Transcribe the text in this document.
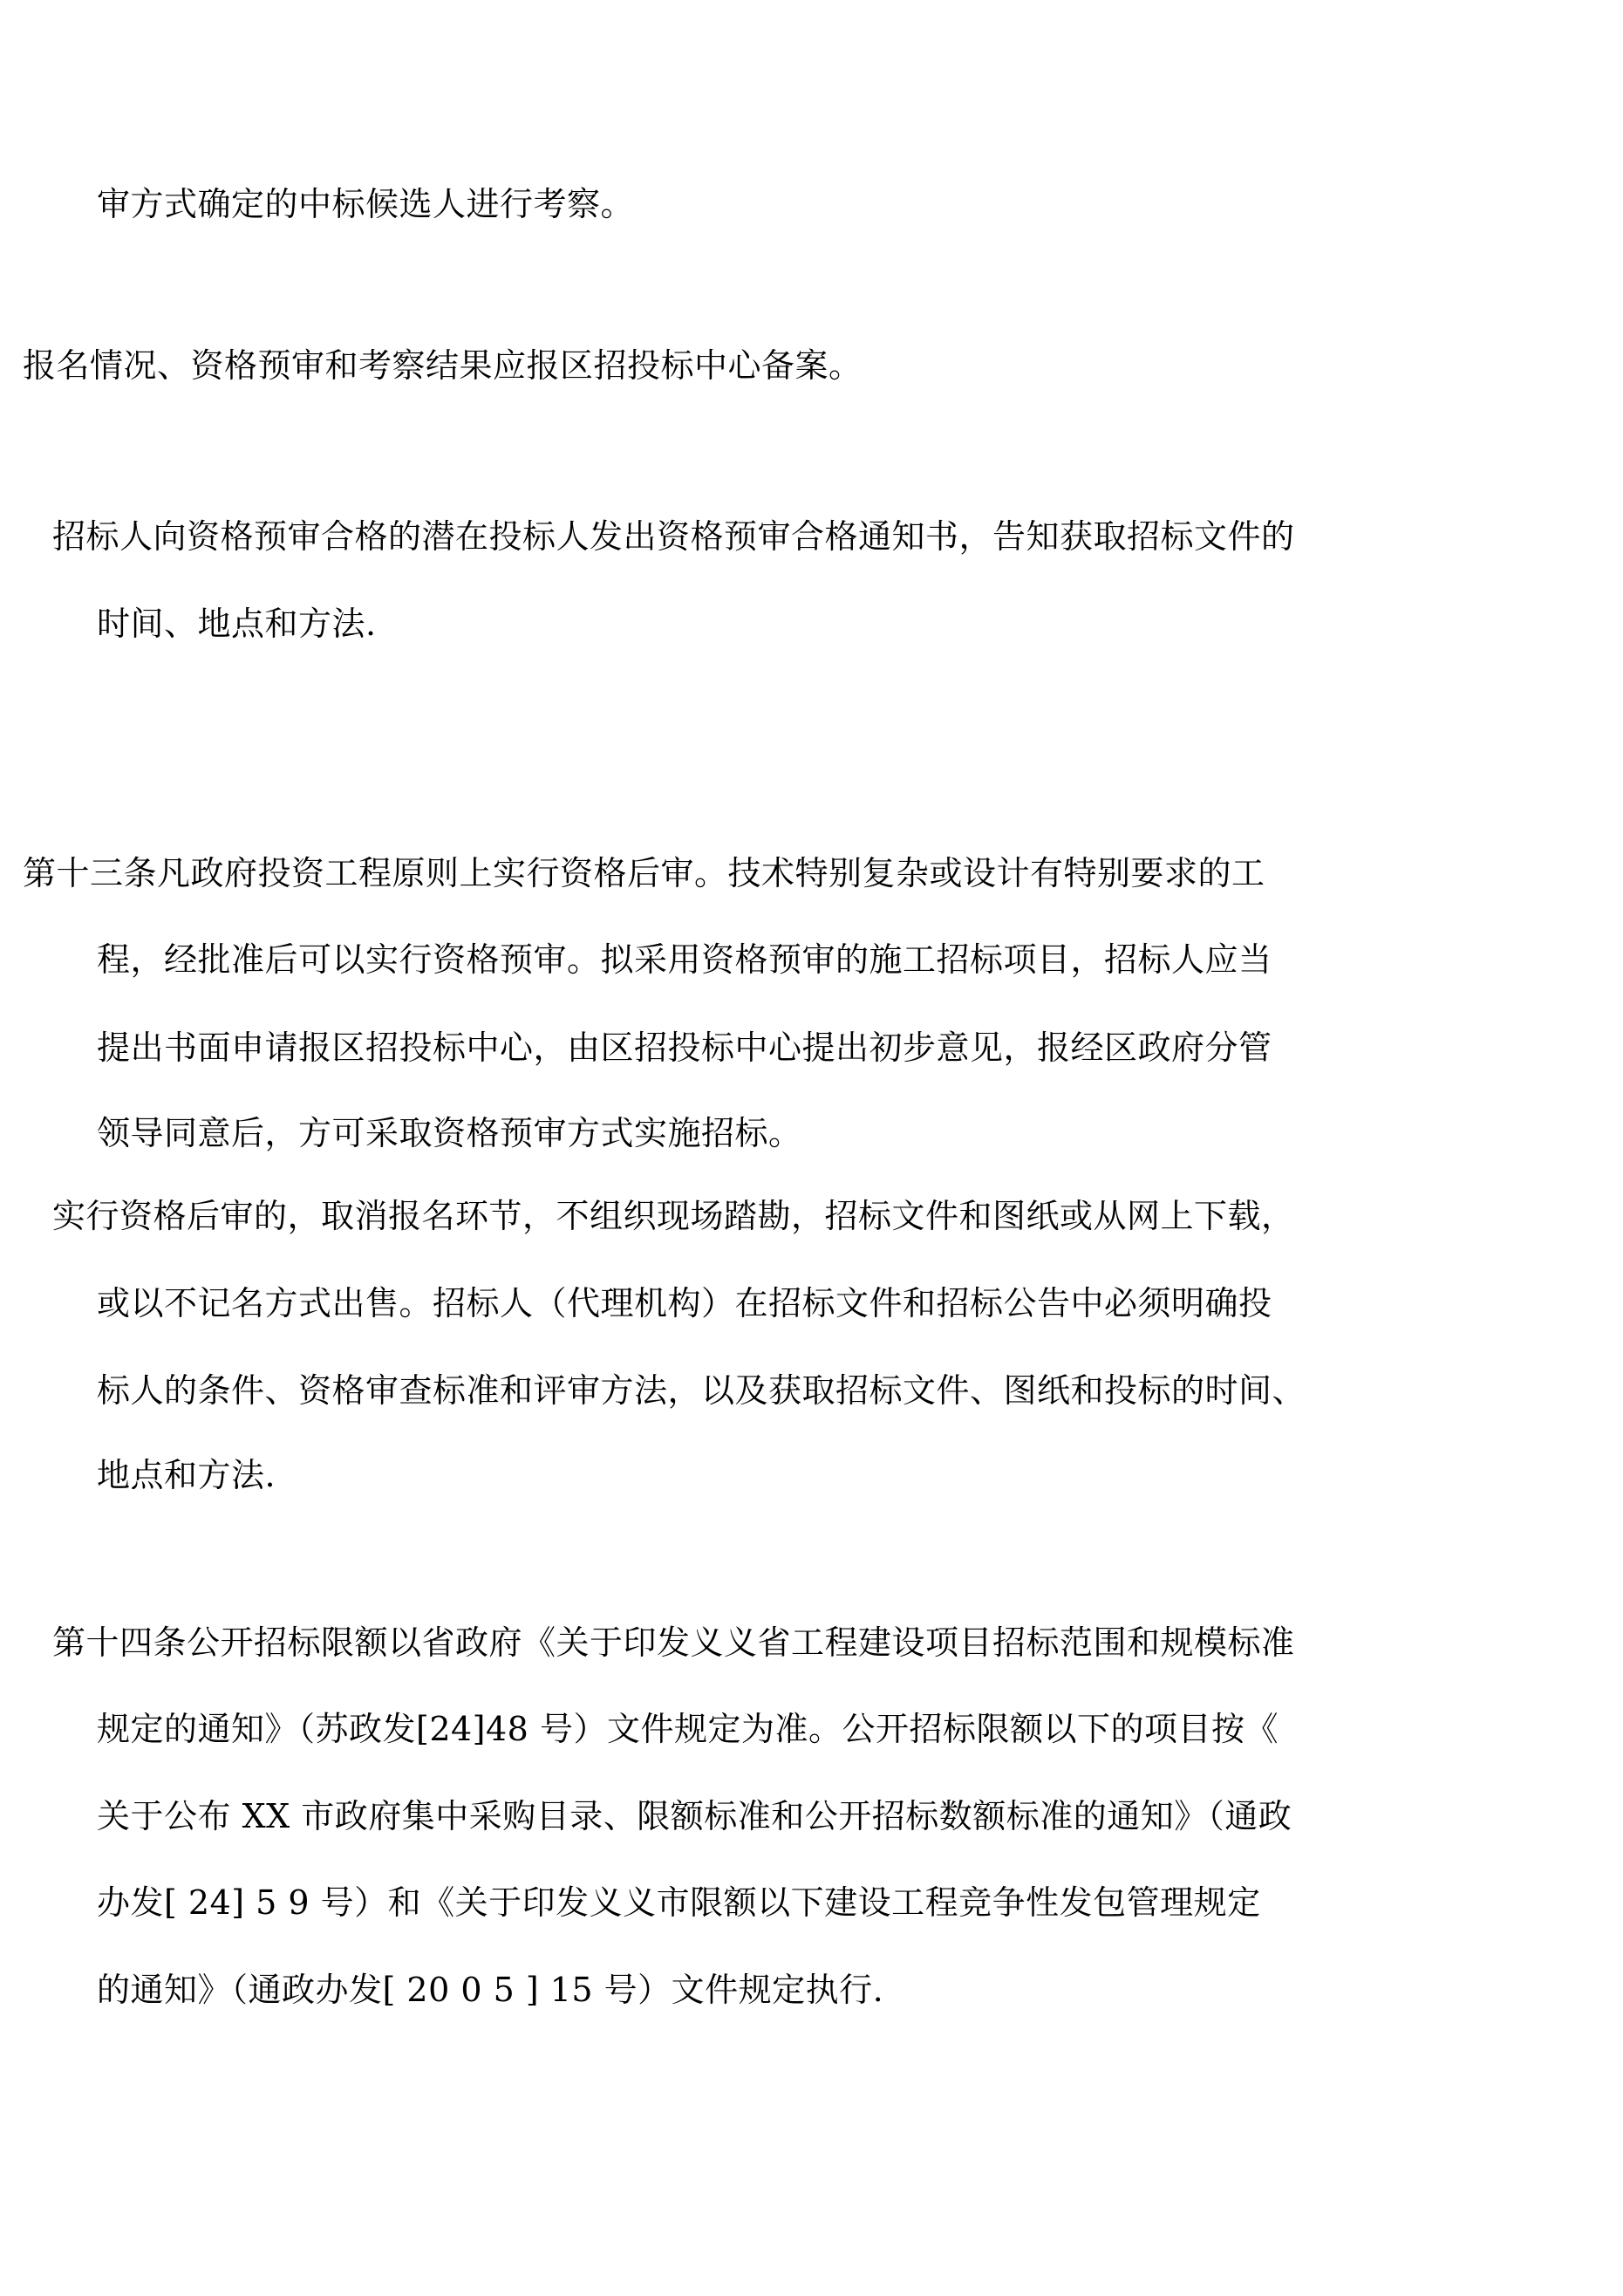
审方式确定的中标候选人进行考察。
报名情况、资格预审和考察结果应报区招投标中心备案。
招标人向资格预审合格的潜在投标人发出资格预审合格通知书，告知获取招标文件的
时间、地点和方法.
第十三条凡政府投资工程原则上实行资格后审。技术特别复杂或设计有特别要求的工
程，经批准后可以实行资格预审。拟采用资格预审的施工招标项目，招标人应当
提出书面申请报区招投标中心，由区招投标中心提出初步意见，报经区政府分管
领导同意后，方可采取资格预审方式实施招标。
实行资格后审的，取消报名环节，不组织现场踏勘，招标文件和图纸或从网上下载，
或以不记名方式出售。招标人（代理机构）在招标文件和招标公告中必须明确投
标人的条件、资格审查标准和评审方法，以及获取招标文件、图纸和投标的时间、
地点和方法.
第十四条公开招标限额以省政府《关于印发义义省工程建设项目招标范围和规模标准
规定的通知》（苏政发[24]48 号）文件规定为准。公开招标限额以下的项目按《
关于公布 XX 市政府集中采购目录、限额标准和公开招标数额标准的通知》（通政
办发[ 24] 5 9 号）和《关于印发义义市限额以下建设工程竞争性发包管理规定
的通知》（通政办发[ 20 0 5 ] 15 号）文件规定执行.
